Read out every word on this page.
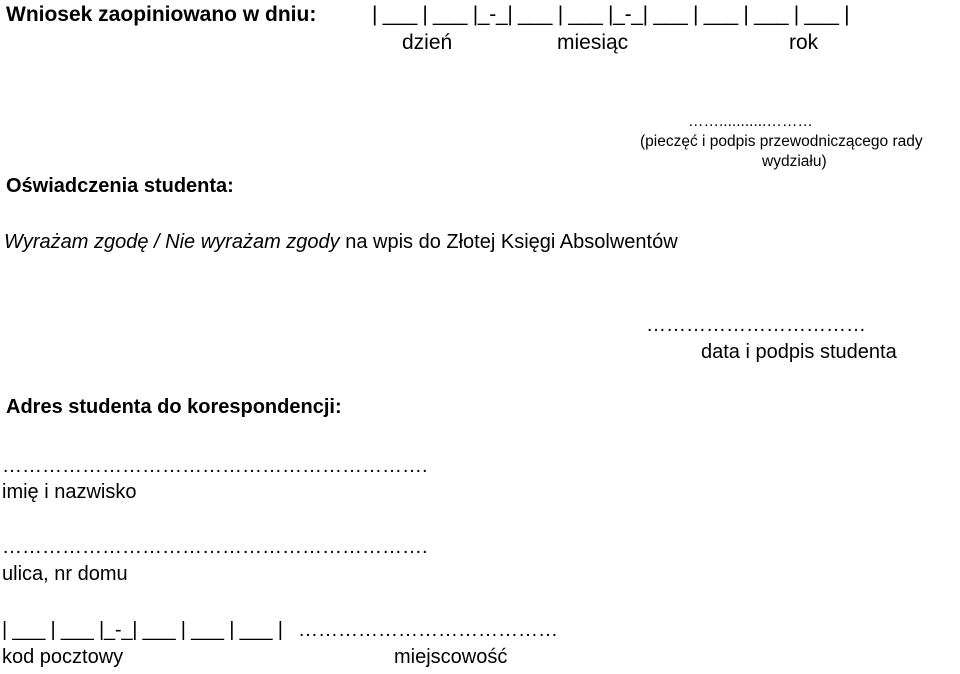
Wniosek zaopiniowano w dniu:	| ___ | ___ |_-_| ___ | ___ |_-_| ___ | ___ | ___ | ___ |
dzień	miesiąc	rok
……...........………
(pieczęć i podpis przewodniczącego rady
wydziału)
Oświadczenia studenta:
Wyrażam zgodę / Nie wyrażam zgody na wpis do Złotej Księgi Absolwentów
……………………………
data i podpis studenta
Adres studenta do korespondencji:
……………………………………………………….
imię i nazwisko
……………………………………………………….
ulica, nr domu
| ___ | ___ |_-_| ___ | ___ | ___ | …………………………………
kod pocztowy	miejscowość
